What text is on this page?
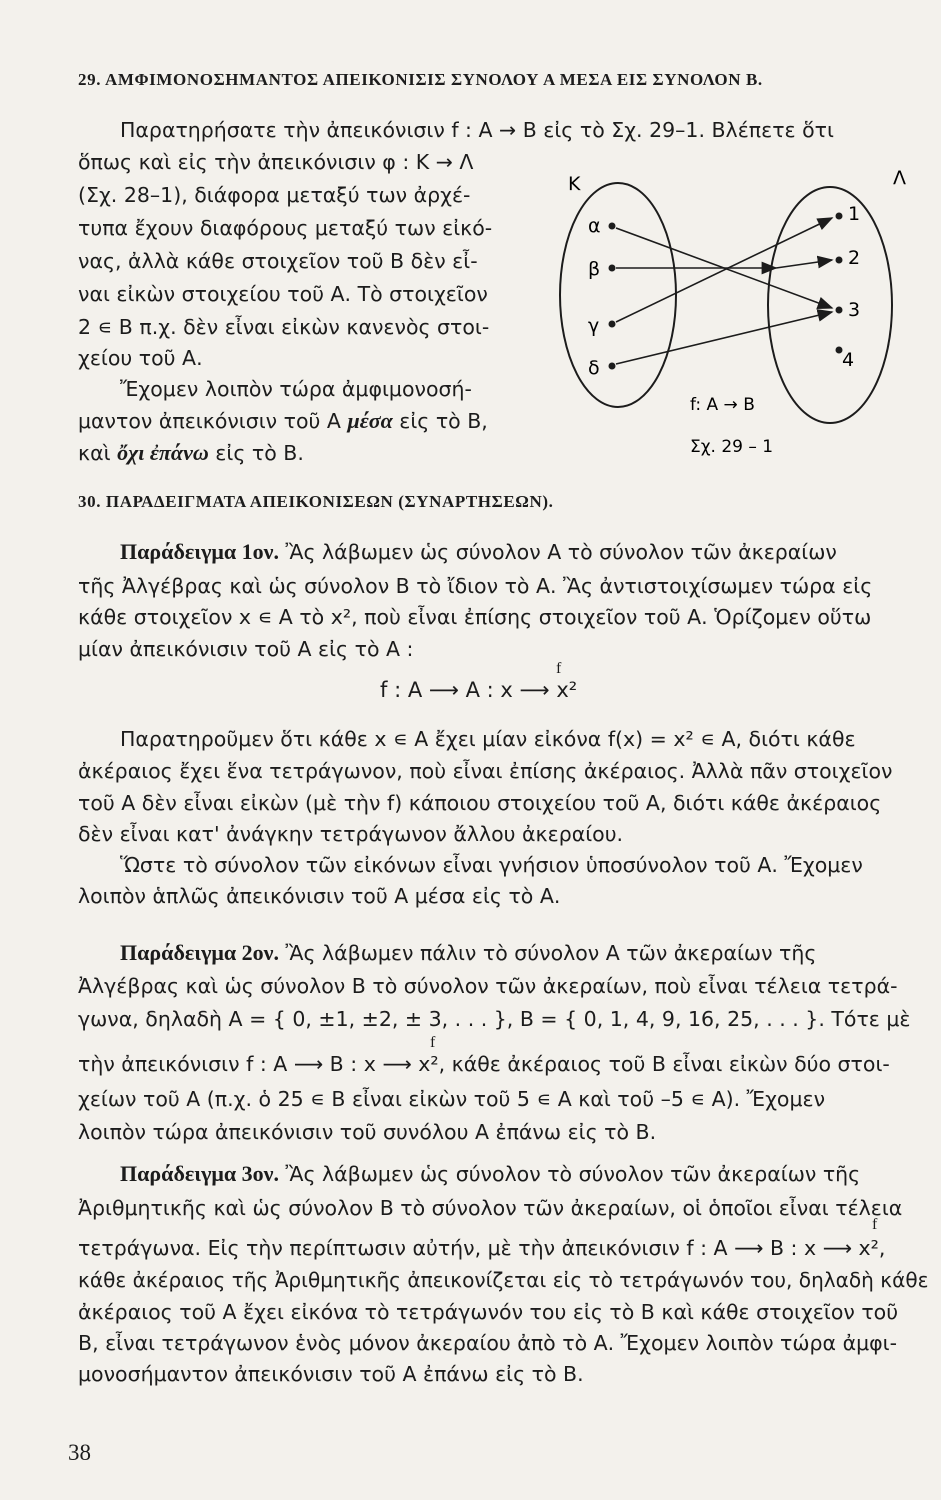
29. ΑΜΦΙΜΟΝΟΣΗΜΑΝΤΟΣ ΑΠΕΙΚΟΝΙΣΙΣ ΣΥΝΟΛΟΥ Α ΜΕΣΑ ΕΙΣ ΣΥΝΟΛΟΝ Β.
Παρατηρήσατε τὴν ἀπεικόνισιν f : A → B εἰς τὸ Σχ. 29–1. Βλέπετε ὅτι
ὅπως καὶ εἰς τὴν ἀπεικόνισιν φ : Κ → Λ
(Σχ. 28–1), διάφορα μεταξύ των ἀρχέ-
τυπα ἔχουν διαφόρους μεταξύ των εἰκό-
νας, ἀλλὰ κάθε στοιχεῖον τοῦ Β δὲν εἶ-
ναι εἰκὼν στοιχείου τοῦ Α. Τὸ στοιχεῖον
2 ∊ B π.χ. δὲν εἶναι εἰκὼν κανενὸς στοι-
χείου τοῦ Α.
Ἔχομεν λοιπὸν τώρα ἀμφιμονοσή-
μαντον ἀπεικόνισιν τοῦ Α μέσα εἰς τὸ Β,
καὶ ὄχι ἐπάνω εἰς τὸ Β.
Κ	Λ
α
β
γ
δ
1
2
3
4
f: A → B
Σχ. 29 – 1
30. ΠΑΡΑΔΕΙΓΜΑΤΑ ΑΠΕΙΚΟΝΙΣΕΩΝ (ΣΥΝΑΡΤΗΣΕΩΝ).
Παράδειγμα 1ον. Ἂς λάβωμεν ὡς σύνολον Α τὸ σύνολον τῶν ἀκεραίων
τῆς Ἀλγέβρας καὶ ὡς σύνολον Β τὸ ἴδιον τὸ Α. Ἂς ἀντιστοιχίσωμεν τώρα εἰς
κάθε στοιχεῖον x ∊ A τὸ x², ποὺ εἶναι ἐπίσης στοιχεῖον τοῦ Α. Ὁρίζομεν οὕτω
μίαν ἀπεικόνισιν τοῦ Α εἰς τὸ Α :
f
f : A ⟶ A : x ⟶ x²
Παρατηροῦμεν ὅτι κάθε x ∊ A ἔχει μίαν εἰκόνα f(x) = x² ∊ A, διότι κάθε
ἀκέραιος ἔχει ἕνα τετράγωνον, ποὺ εἶναι ἐπίσης ἀκέραιος. Ἀλλὰ πᾶν στοιχεῖον
τοῦ Α δὲν εἶναι εἰκὼν (μὲ τὴν f) κάποιου στοιχείου τοῦ Α, διότι κάθε ἀκέραιος
δὲν εἶναι κατ' ἀνάγκην τετράγωνον ἄλλου ἀκεραίου.
Ὥστε τὸ σύνολον τῶν εἰκόνων εἶναι γνήσιον ὑποσύνολον τοῦ Α. Ἔχομεν
λοιπὸν ἁπλῶς ἀπεικόνισιν τοῦ Α μέσα εἰς τὸ Α.
Παράδειγμα 2ον. Ἂς λάβωμεν πάλιν τὸ σύνολον Α τῶν ἀκεραίων τῆς
Ἀλγέβρας καὶ ὡς σύνολον Β τὸ σύνολον τῶν ἀκεραίων, ποὺ εἶναι τέλεια τετρά-
γωνα, δηλαδὴ A = { 0, ±1, ±2, ± 3, . . . }, B = { 0, 1, 4, 9, 16, 25, . . . }. Τότε μὲ
f
τὴν ἀπεικόνισιν f : A ⟶ B : x ⟶ x², κάθε ἀκέραιος τοῦ Β εἶναι εἰκὼν δύο στοι-
χείων τοῦ Α (π.χ. ὁ 25 ∊ B εἶναι εἰκὼν τοῦ 5 ∊ A καὶ τοῦ –5 ∊ A). Ἔχομεν
λοιπὸν τώρα ἀπεικόνισιν τοῦ συνόλου Α ἐπάνω εἰς τὸ Β.
Παράδειγμα 3ον. Ἂς λάβωμεν ὡς σύνολον τὸ σύνολον τῶν ἀκεραίων τῆς
Ἀριθμητικῆς καὶ ὡς σύνολον Β τὸ σύνολον τῶν ἀκεραίων, οἱ ὁποῖοι εἶναι τέλεια
f
τετράγωνα. Εἰς τὴν περίπτωσιν αὐτήν, μὲ τὴν ἀπεικόνισιν f : A ⟶ B : x ⟶ x²,
κάθε ἀκέραιος τῆς Ἀριθμητικῆς ἀπεικονίζεται εἰς τὸ τετράγωνόν του, δηλαδὴ κάθε
ἀκέραιος τοῦ Α ἔχει εἰκόνα τὸ τετράγωνόν του εἰς τὸ Β καὶ κάθε στοιχεῖον τοῦ
Β, εἶναι τετράγωνον ἑνὸς μόνον ἀκεραίου ἀπὸ τὸ Α. Ἔχομεν λοιπὸν τώρα ἀμφι-
μονοσήμαντον ἀπεικόνισιν τοῦ Α ἐπάνω εἰς τὸ Β.
38
